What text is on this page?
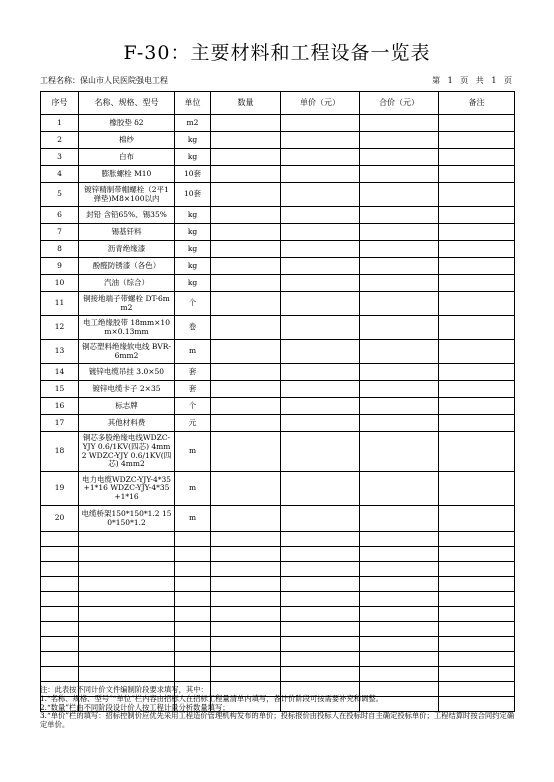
F-30：主要材料和工程设备一览表
工程名称：保山市人民医院强电工程	第 1 页 共 1 页
序号	名称、规格、型号	单位	数量	单价（元）	合价（元）	备注
1	橡胶垫 δ2	m2				
2	棉纱	kg				
3	白布	kg				
4	膨胀螺栓 M10	10套				
5	镀锌精制带帽螺栓（2平1弹垫)M8×100以内	10套				
6	封铅 含铅65%、锡35%	kg				
7	锡基钎料	kg				
8	沥青绝缘漆	kg				
9	酚醛防锈漆（各色）	kg				
10	汽油（综合）	kg				
11	铜接地端子带螺栓 DT-6mm2	个				
12	电工绝缘胶带 18mm×10m×0.13mm	卷				
13	铜芯塑料绝缘软电线 BVR-6mm2	m				
14	镀锌电缆吊挂 3.0×50	套				
15	镀锌电缆卡子 2×35	套				
16	标志牌	个				
17	其他材料费	元				
18	铜芯多股绝缘电线WDZC-YJY 0.6/1KV(四芯) 4mm2 WDZC-YJY 0.6/1KV(四芯) 4mm2	m				
19	电力电缆WDZC-YJY-4*35+1*16 WDZC-YJY-4*35+1*16	m				
20	电缆桥架150*150*1.2 150*150*1.2	m				

注：此表按不同计价文件编制阶段要求填写，其中：
1.“名称、规格、型号”“单位”栏内容由招标人在招标工程量清单内填写，各计价阶段可按需要补充和调整。
2.“数量”栏由不同阶段设计价人按工程计量分析数量填写；
3.“单价”栏的填写：招标控制价应优先采用工程造价管理机构发布的单价；投标报价由投标人在投标时自主确定投标单价；工程结算时按合同约定确定单价。
